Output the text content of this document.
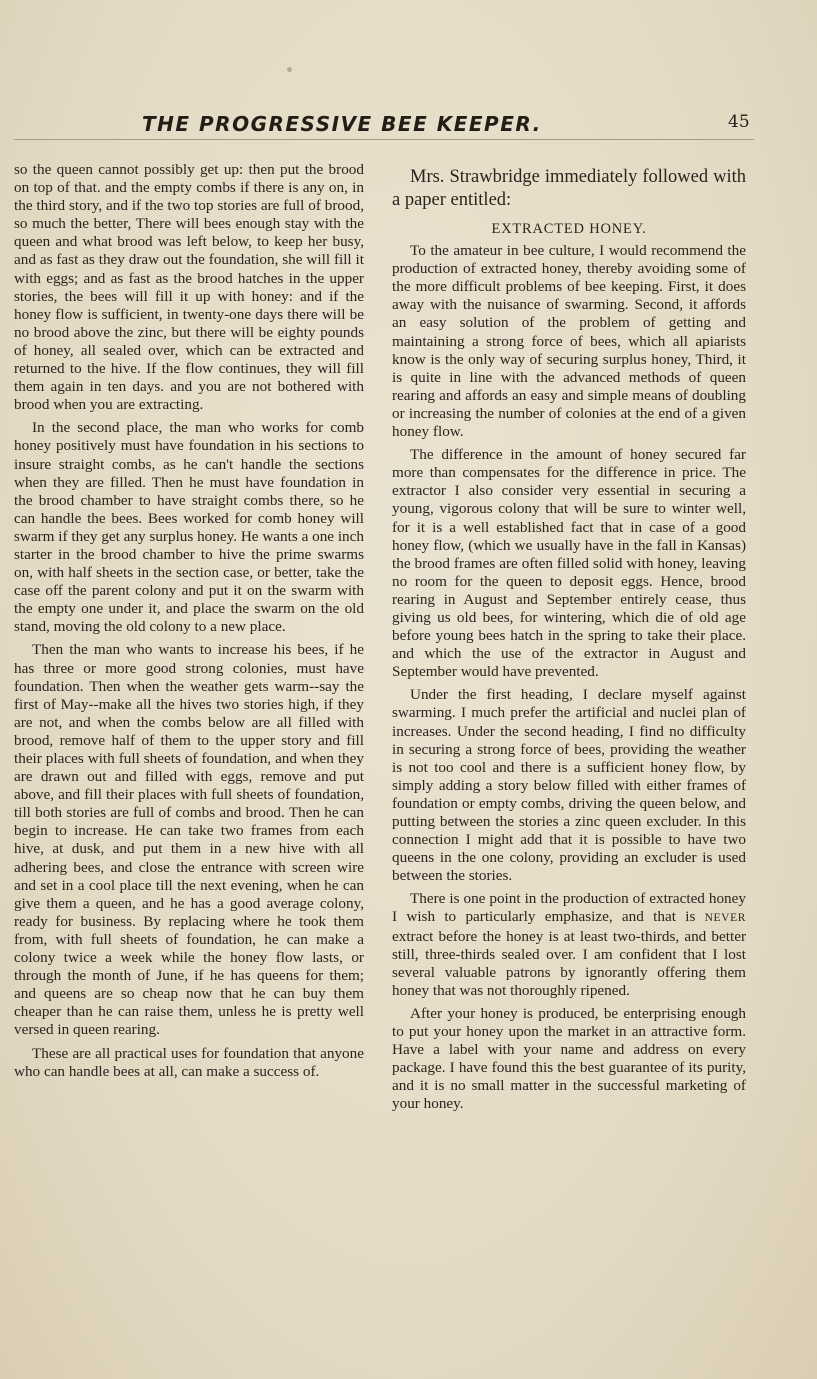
THE PROGRESSIVE BEE KEEPER.	45

so the queen cannot possibly get up: then put the brood on top of that. and the empty combs if there is any on, in the third story, and if the two top stories are full of brood, so much the better, There will bees enough stay with the queen and what brood was left below, to keep her busy, and as fast as they draw out the foundation, she will fill it with eggs; and as fast as the brood hatches in the upper stories, the bees will fill it up with honey: and if the honey flow is sufficient, in twenty-one days there will be no brood above the zinc, but there will be eighty pounds of honey, all sealed over, which can be extracted and returned to the hive. If the flow continues, they will fill them again in ten days. and you are not bothered with brood when you are extracting.

In the second place, the man who works for comb honey positively must have foundation in his sections to insure straight combs, as he can't handle the sections when they are filled. Then he must have foundation in the brood chamber to have straight combs there, so he can handle the bees. Bees worked for comb honey will swarm if they get any surplus honey. He wants a one inch starter in the brood chamber to hive the prime swarms on, with half sheets in the section case, or better, take the case off the parent colony and put it on the swarm with the empty one under it, and place the swarm on the old stand, moving the old colony to a new place.

Then the man who wants to increase his bees, if he has three or more good strong colonies, must have foundation. Then when the weather gets warm--say the first of May--make all the hives two stories high, if they are not, and when the combs below are all filled with brood, remove half of them to the upper story and fill their places with full sheets of foundation, and when they are drawn out and filled with eggs, remove and put above, and fill their places with full sheets of foundation, till both stories are full of combs and brood. Then he can begin to increase. He can take two frames from each hive, at dusk, and put them in a new hive with all adhering bees, and close the entrance with screen wire and set in a cool place till the next evening, when he can give them a queen, and he has a good average colony, ready for business. By replacing where he took them from, with full sheets of foundation, he can make a colony twice a week while the honey flow lasts, or through the month of June, if he has queens for them; and queens are so cheap now that he can buy them cheaper than he can raise them, unless he is pretty well versed in queen rearing.

These are all practical uses for foundation that anyone who can handle bees at all, can make a success of.

Mrs. Strawbridge immediately followed with a paper entitled:

EXTRACTED HONEY.

To the amateur in bee culture, I would recommend the production of extracted honey, thereby avoiding some of the more difficult problems of bee keeping. First, it does away with the nuisance of swarming. Second, it affords an easy solution of the problem of getting and maintaining a strong force of bees, which all apiarists know is the only way of securing surplus honey, Third, it is quite in line with the advanced methods of queen rearing and affords an easy and simple means of doubling or increasing the number of colonies at the end of a given honey flow.

The difference in the amount of honey secured far more than compensates for the difference in price. The extractor I also consider very essential in securing a young, vigorous colony that will be sure to winter well, for it is a well established fact that in case of a good honey flow, (which we usually have in the fall in Kansas) the brood frames are often filled solid with honey, leaving no room for the queen to deposit eggs. Hence, brood rearing in August and September entirely cease, thus giving us old bees, for wintering, which die of old age before young bees hatch in the spring to take their place. and which the use of the extractor in August and September would have prevented.

Under the first heading, I declare myself against swarming. I much prefer the artificial and nuclei plan of increases. Under the second heading, I find no difficulty in securing a strong force of bees, providing the weather is not too cool and there is a sufficient honey flow, by simply adding a story below filled with either frames of foundation or empty combs, driving the queen below, and putting between the stories a zinc queen excluder. In this connection I might add that it is possible to have two queens in the one colony, providing an excluder is used between the stories.

There is one point in the production of extracted honey I wish to particularly emphasize, and that is NEVER extract before the honey is at least two-thirds, and better still, three-thirds sealed over. I am confident that I lost several valuable patrons by ignorantly offering them honey that was not thoroughly ripened.

After your honey is produced, be enterprising enough to put your honey upon the market in an attractive form. Have a label with your name and address on every package. I have found this the best guarantee of its purity, and it is no small matter in the successful marketing of your honey.
